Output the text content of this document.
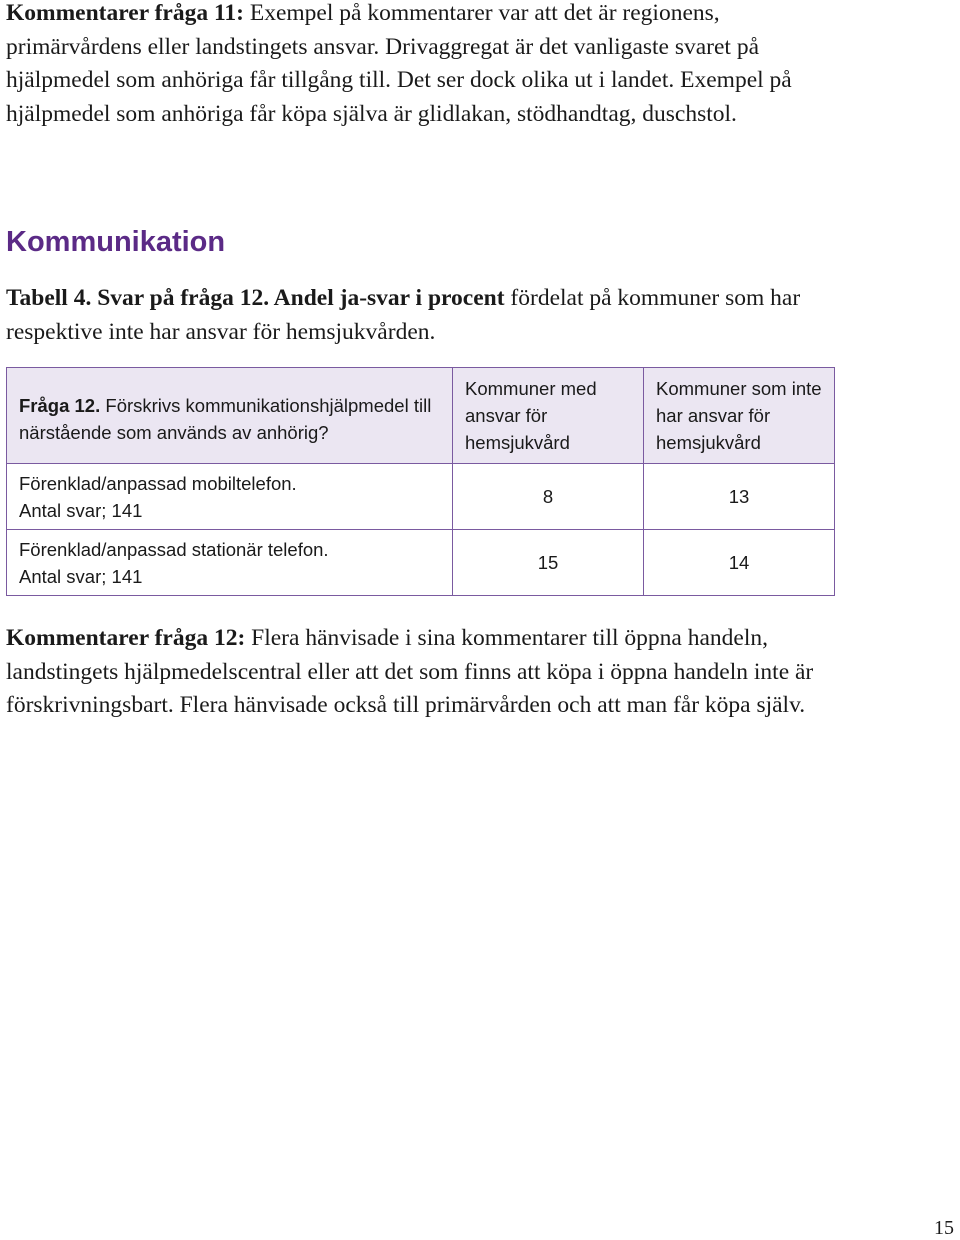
Kommentarer fråga 11: Exempel på kommentarer var att det är regionens, primärvårdens eller landstingets ansvar. Drivaggregat är det vanligaste svaret på hjälpmedel som anhöriga får tillgång till. Det ser dock olika ut i landet. Exempel på hjälpmedel som anhöriga får köpa själva är glidlakan, stödhandtag, duschstol.

Kommunikation

Tabell 4. Svar på fråga 12. Andel ja-svar i procent fördelat på kommuner som har respektive inte har ansvar för hemsjukvården.

Fråga 12. Förskrivs kommunikationshjälpmedel till närstående som används av anhörig?	Kommuner med ansvar för hemsjukvård	Kommuner som inte har ansvar för hemsjukvård

Förenklad/anpassad mobiltelefon.
Antal svar; 141	8	13

Förenklad/anpassad stationär telefon.
Antal svar; 141	15	14

Kommentarer fråga 12: Flera hänvisade i sina kommentarer till öppna handeln, landstingets hjälpmedelscentral eller att det som finns att köpa i öppna handeln inte är förskrivningsbart. Flera hänvisade också till primärvården och att man får köpa själv.

15
